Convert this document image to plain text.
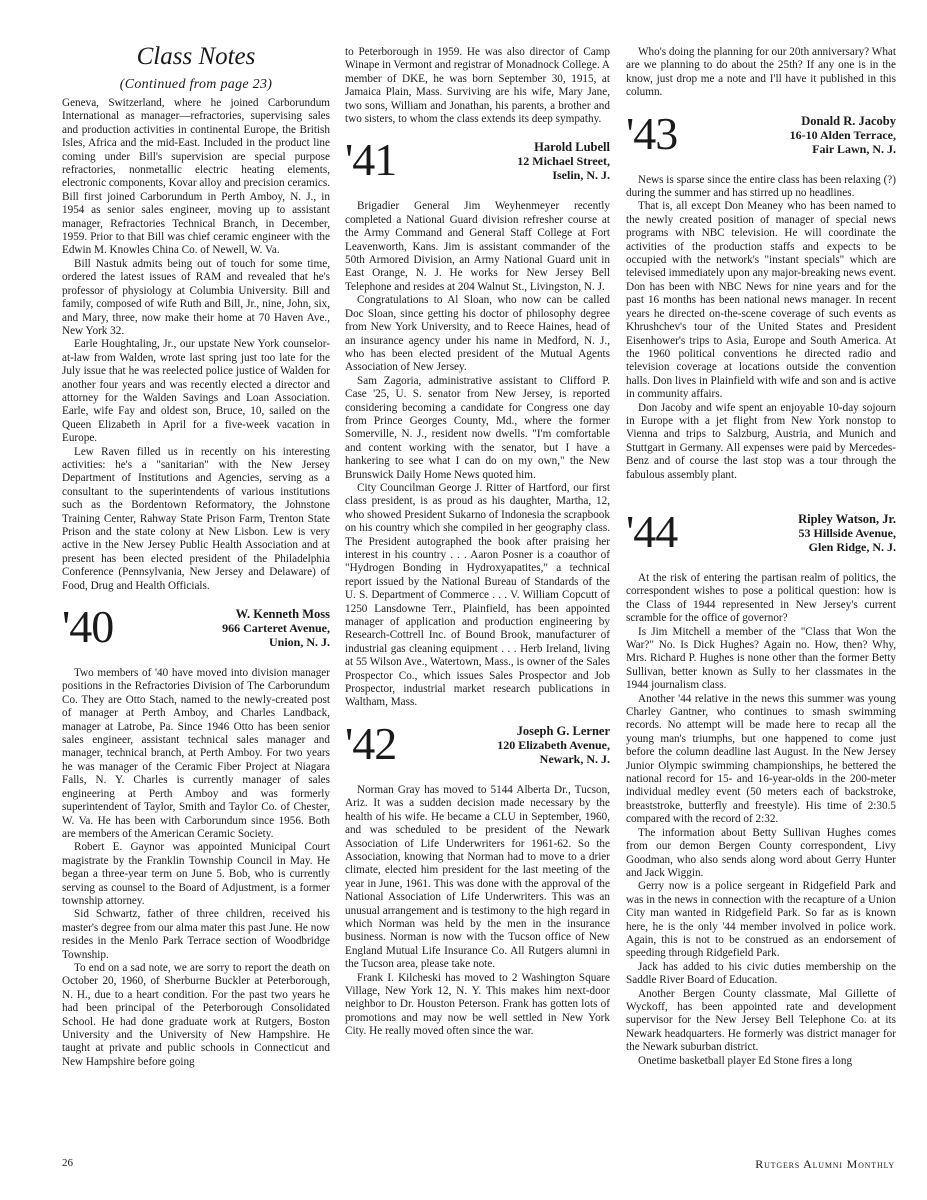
Class Notes
(Continued from page 23)

Geneva, Switzerland, where he joined Carborundum International as manager—refractories, supervising sales and production activities in continental Europe, the British Isles, Africa and the mid-East. Included in the product line coming under Bill's supervision are special purpose refractories, nonmetallic electric heating elements, electronic components, Kovar alloy and precision ceramics. Bill first joined Carborundum in Perth Amboy, N. J., in 1954 as senior sales engineer, moving up to assistant manager, Refractories Technical Branch, in December, 1959. Prior to that Bill was chief ceramic engineer with the Edwin M. Knowles China Co. of Newell, W. Va.

Bill Nastuk admits being out of touch for some time, ordered the latest issues of RAM and revealed that he's professor of physiology at Columbia University. Bill and family, composed of wife Ruth and Bill, Jr., nine, John, six, and Mary, three, now make their home at 70 Haven Ave., New York 32.

Earle Houghtaling, Jr., our upstate New York counselor-at-law from Walden, wrote last spring just too late for the July issue that he was reelected police justice of Walden for another four years and was recently elected a director and attorney for the Walden Savings and Loan Association. Earle, wife Fay and oldest son, Bruce, 10, sailed on the Queen Elizabeth in April for a five-week vacation in Europe.

Lew Raven filled us in recently on his interesting activities: he's a "sanitarian" with the New Jersey Department of Institutions and Agencies, serving as a consultant to the superintendents of various institutions such as the Bordentown Reformatory, the Johnstone Training Center, Rahway State Prison Farm, Trenton State Prison and the state colony at New Lisbon. Lew is very active in the New Jersey Public Health Association and at present has been elected president of the Philadelphia Conference (Pennsylvania, New Jersey and Delaware) of Food, Drug and Health Officials.

'40	W. Kenneth Moss
966 Carteret Avenue,
Union, N. J.

Two members of '40 have moved into division manager positions in the Refractories Division of The Carborundum Co. They are Otto Stach, named to the newly-created post of manager at Perth Amboy, and Charles Landback, manager at Latrobe, Pa. Since 1946 Otto has been senior sales engineer, assistant technical sales manager and manager, technical branch, at Perth Amboy. For two years he was manager of the Ceramic Fiber Project at Niagara Falls, N. Y. Charles is currently manager of sales engineering at Perth Amboy and was formerly superintendent of Taylor, Smith and Taylor Co. of Chester, W. Va. He has been with Carborundum since 1956. Both are members of the American Ceramic Society.

Robert E. Gaynor was appointed Municipal Court magistrate by the Franklin Township Council in May. He began a three-year term on June 5. Bob, who is currently serving as counsel to the Board of Adjustment, is a former township attorney.

Sid Schwartz, father of three children, received his master's degree from our alma mater this past June. He now resides in the Menlo Park Terrace section of Woodbridge Township.

To end on a sad note, we are sorry to report the death on October 20, 1960, of Sherburne Buckler at Peterborough, N. H., due to a heart condition. For the past two years he had been principal of the Peterborough Consolidated School. He had done graduate work at Rutgers, Boston University and the University of New Hampshire. He taught at private and public schools in Connecticut and New Hampshire before going

to Peterborough in 1959. He was also director of Camp Winape in Vermont and registrar of Monadnock College. A member of DKE, he was born September 30, 1915, at Jamaica Plain, Mass. Surviving are his wife, Mary Jane, two sons, William and Jonathan, his parents, a brother and two sisters, to whom the class extends its deep sympathy.

'41	Harold Lubell
12 Michael Street,
Iselin, N. J.

Brigadier General Jim Weyhenmeyer recently completed a National Guard division refresher course at the Army Command and General Staff College at Fort Leavenworth, Kans. Jim is assistant commander of the 50th Armored Division, an Army National Guard unit in East Orange, N. J. He works for New Jersey Bell Telephone and resides at 204 Walnut St., Livingston, N. J.

Congratulations to Al Sloan, who now can be called Doc Sloan, since getting his doctor of philosophy degree from New York University, and to Reece Haines, head of an insurance agency under his name in Medford, N. J., who has been elected president of the Mutual Agents Association of New Jersey.

Sam Zagoria, administrative assistant to Clifford P. Case '25, U. S. senator from New Jersey, is reported considering becoming a candidate for Congress one day from Prince Georges County, Md., where the former Somerville, N. J., resident now dwells. "I'm comfortable and content working with the senator, but I have a hankering to see what I can do on my own," the New Brunswick Daily Home News quoted him.

City Councilman George J. Ritter of Hartford, our first class president, is as proud as his daughter, Martha, 12, who showed President Sukarno of Indonesia the scrapbook on his country which she compiled in her geography class. The President autographed the book after praising her interest in his country . . . Aaron Posner is a coauthor of "Hydrogen Bonding in Hydroxyapatites," a technical report issued by the National Bureau of Standards of the U. S. Department of Commerce . . . V. William Copcutt of 1250 Lansdowne Terr., Plainfield, has been appointed manager of application and production engineering by Research-Cottrell Inc. of Bound Brook, manufacturer of industrial gas cleaning equipment . . . Herb Ireland, living at 55 Wilson Ave., Watertown, Mass., is owner of the Sales Prospector Co., which issues Sales Prospector and Job Prospector, industrial market research publications in Waltham, Mass.

'42	Joseph G. Lerner
120 Elizabeth Avenue,
Newark, N. J.

Norman Gray has moved to 5144 Alberta Dr., Tucson, Ariz. It was a sudden decision made necessary by the health of his wife. He became a CLU in September, 1960, and was scheduled to be president of the Newark Association of Life Underwriters for 1961-62. So the Association, knowing that Norman had to move to a drier climate, elected him president for the last meeting of the year in June, 1961. This was done with the approval of the National Association of Life Underwriters. This was an unusual arrangement and is testimony to the high regard in which Norman was held by the men in the insurance business. Norman is now with the Tucson office of New England Mutual Life Insurance Co. All Rutgers alumni in the Tucson area, please take note.

Frank I. Kilcheski has moved to 2 Washington Square Village, New York 12, N. Y. This makes him next-door neighbor to Dr. Houston Peterson. Frank has gotten lots of promotions and may now be well settled in New York City. He really moved often since the war.

Who's doing the planning for our 20th anniversary? What are we planning to do about the 25th? If any one is in the know, just drop me a note and I'll have it published in this column.

'43	Donald R. Jacoby
16-10 Alden Terrace,
Fair Lawn, N. J.

News is sparse since the entire class has been relaxing (?) during the summer and has stirred up no headlines.

That is, all except Don Meaney who has been named to the newly created position of manager of special news programs with NBC television. He will coordinate the activities of the production staffs and expects to be occupied with the network's "instant specials" which are televised immediately upon any major-breaking news event. Don has been with NBC News for nine years and for the past 16 months has been national news manager. In recent years he directed on-the-scene coverage of such events as Khrushchev's tour of the United States and President Eisenhower's trips to Asia, Europe and South America. At the 1960 political conventions he directed radio and television coverage at locations outside the convention halls. Don lives in Plainfield with wife and son and is active in community affairs.

Don Jacoby and wife spent an enjoyable 10-day sojourn in Europe with a jet flight from New York nonstop to Vienna and trips to Salzburg, Austria, and Munich and Stuttgart in Germany. All expenses were paid by Mercedes-Benz and of course the last stop was a tour through the fabulous assembly plant.

'44	Ripley Watson, Jr.
53 Hillside Avenue,
Glen Ridge, N. J.

At the risk of entering the partisan realm of politics, the correspondent wishes to pose a political question: how is the Class of 1944 represented in New Jersey's current scramble for the office of governor?

Is Jim Mitchell a member of the "Class that Won the War?" No. Is Dick Hughes? Again no. How, then? Why, Mrs. Richard P. Hughes is none other than the former Betty Sullivan, better known as Sully to her classmates in the 1944 journalism class.

Another '44 relative in the news this summer was young Charley Gantner, who continues to smash swimming records. No attempt will be made here to recap all the young man's triumphs, but one happened to come just before the column deadline last August. In the New Jersey Junior Olympic swimming championships, he bettered the national record for 15- and 16-year-olds in the 200-meter individual medley event (50 meters each of backstroke, breaststroke, butterfly and freestyle). His time of 2:30.5 compared with the record of 2:32.

The information about Betty Sullivan Hughes comes from our demon Bergen County correspondent, Livy Goodman, who also sends along word about Gerry Hunter and Jack Wiggin.

Gerry now is a police sergeant in Ridgefield Park and was in the news in connection with the recapture of a Union City man wanted in Ridgefield Park. So far as is known here, he is the only '44 member involved in police work. Again, this is not to be construed as an endorsement of speeding through Ridgefield Park.

Jack has added to his civic duties membership on the Saddle River Board of Education.

Another Bergen County classmate, Mal Gillette of Wyckoff, has been appointed rate and development supervisor for the New Jersey Bell Telephone Co. at its Newark headquarters. He formerly was district manager for the Newark suburban district.

Onetime basketball player Ed Stone fires a long

26	Rutgers Alumni Monthly
